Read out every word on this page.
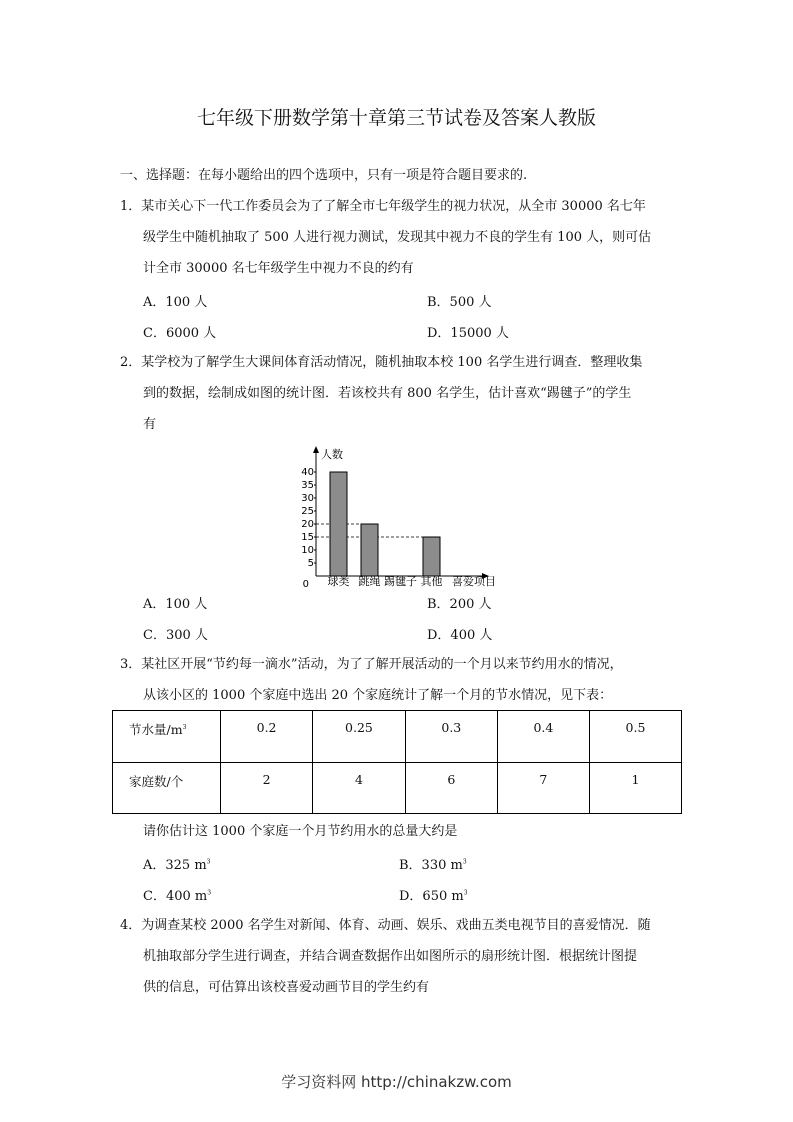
七年级下册数学第十章第三节试卷及答案人教版
一、选择题：在每小题给出的四个选项中，只有一项是符合题目要求的.
1．某市关心下一代工作委员会为了了解全市七年级学生的视力状况，从全市 30000 名七年
级学生中随机抽取了 500 人进行视力测试，发现其中视力不良的学生有 100 人，则可估
计全市 30000 名七年级学生中视力不良的约有
A．100 人	B．500 人
C．6000 人	D．15000 人
2．某学校为了解学生大课间体育活动情况，随机抽取本校 100 名学生进行调查．整理收集
到的数据，绘制成如图的统计图．若该校共有 800 名学生，估计喜欢“踢毽子”的学生
有
人数
40
35
30
25
20
15
10
5
0 球类 跳绳 踢毽子 其他 喜爱项目
A．100 人	B．200 人
C．300 人	D．400 人
3．某社区开展“节约每一滴水”活动，为了了解开展活动的一个月以来节约用水的情况，
从该小区的 1000 个家庭中选出 20 个家庭统计了解一个月的节水情况，见下表：
节水量$/m^3$	0.2	0.25	0.3	0.4	0.5
家庭数/个	2	4	6	7	1
请你估计这 1000 个家庭一个月节约用水的总量大约是
A．325 $m^3$	B．330 $m^3$
C．400 $m^3$	D．650 $m^3$
4．为调查某校 2000 名学生对新闻、体育、动画、娱乐、戏曲五类电视节目的喜爱情况．随
机抽取部分学生进行调查，并结合调查数据作出如图所示的扇形统计图．根据统计图提
供的信息，可估算出该校喜爱动画节目的学生约有
学习资料网 http://chinakzw.com
